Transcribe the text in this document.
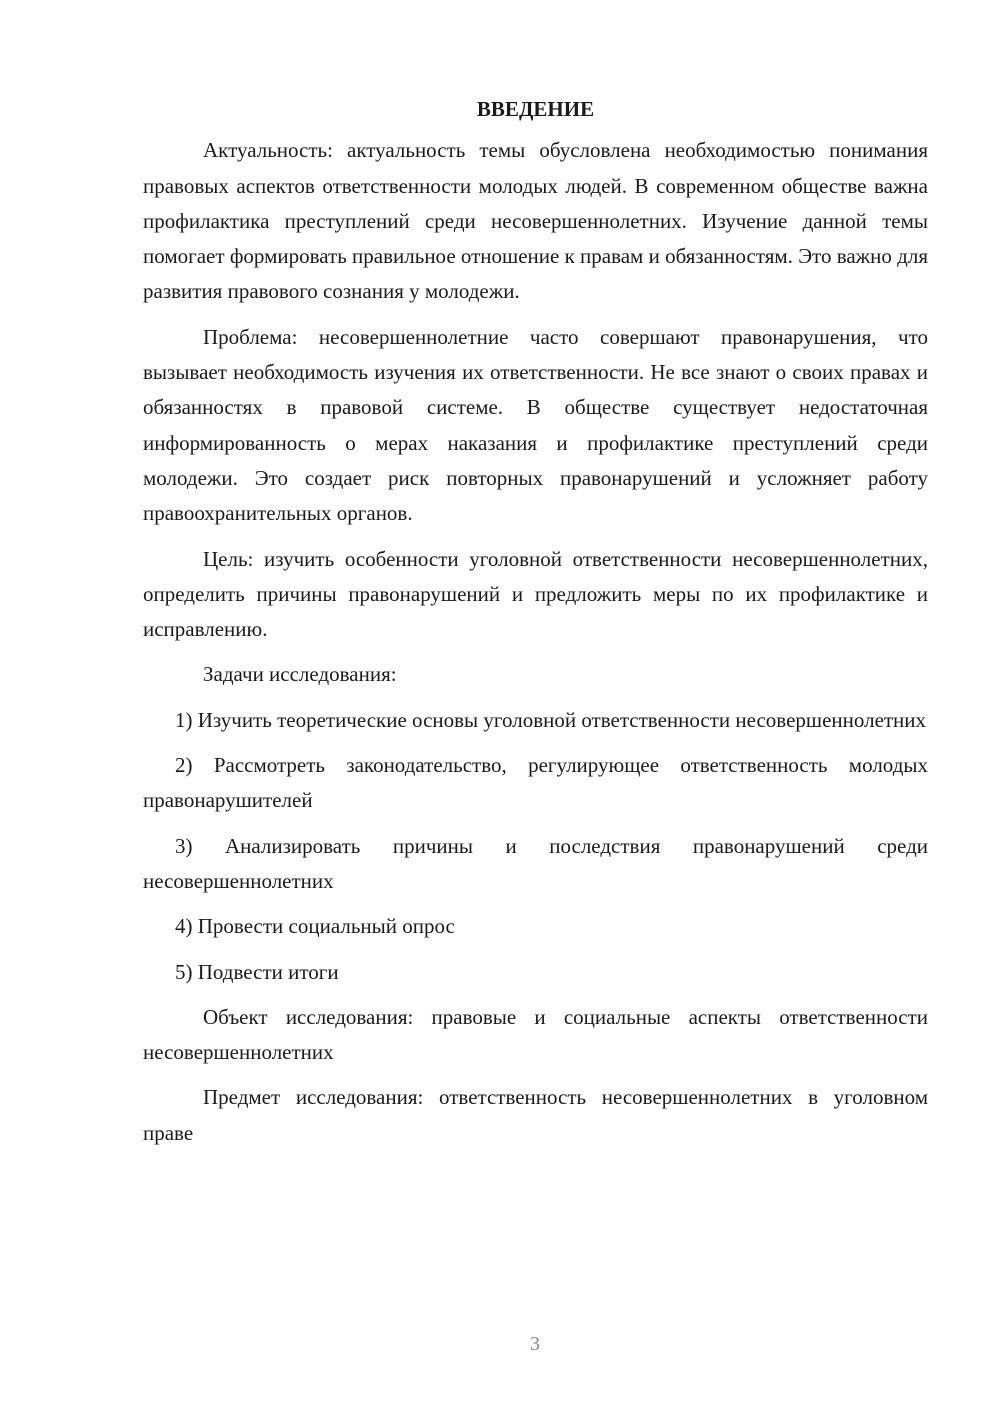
ВВЕДЕНИЕ

Актуальность: актуальность темы обусловлена необходимостью понимания правовых аспектов ответственности молодых людей. В современном обществе важна профилактика преступлений среди несовершеннолетних. Изучение данной темы помогает формировать правильное отношение к правам и обязанностям. Это важно для развития правового сознания у молодежи.

Проблема: несовершеннолетние часто совершают правонарушения, что вызывает необходимость изучения их ответственности. Не все знают о своих правах и обязанностях в правовой системе. В обществе существует недостаточная информированность о мерах наказания и профилактике преступлений среди молодежи. Это создает риск повторных правонарушений и усложняет работу правоохранительных органов.

Цель: изучить особенности уголовной ответственности несовершеннолетних, определить причины правонарушений и предложить меры по их профилактике и исправлению.

Задачи исследования:

1) Изучить теоретические основы уголовной ответственности несовершеннолетних

2) Рассмотреть законодательство, регулирующее ответственность молодых правонарушителей

3) Анализировать причины и последствия правонарушений среди несовершеннолетних

4) Провести социальный опрос

5) Подвести итоги

Объект исследования: правовые и социальные аспекты ответственности несовершеннолетних

Предмет исследования: ответственность несовершеннолетних в уголовном праве

3
